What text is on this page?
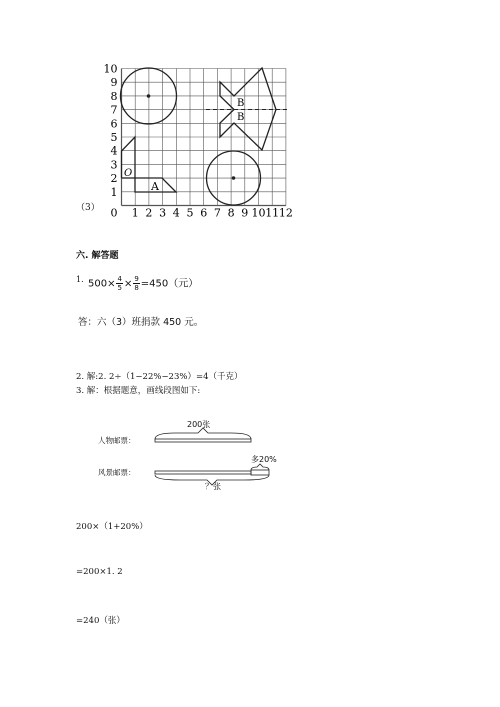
0 1 2 3 4 5 6 7 8 9 10 11 12
1
2
3
4
5
6
7
8
9
10
B
B
O
A
（3）
六. 解答题
1. $500\times \frac{4}{5} \times \frac{9}{8} =450$（元）
答：六（3）班捐款 450 元。
2. 解:2. 2÷（1−22%−23%）=4（千克）
3. 解：根据题意，画线段图如下:
200张
人物邮票：
风景邮票：
多20%
？张
200×（1+20%）
=200×1. 2
=240（张）
